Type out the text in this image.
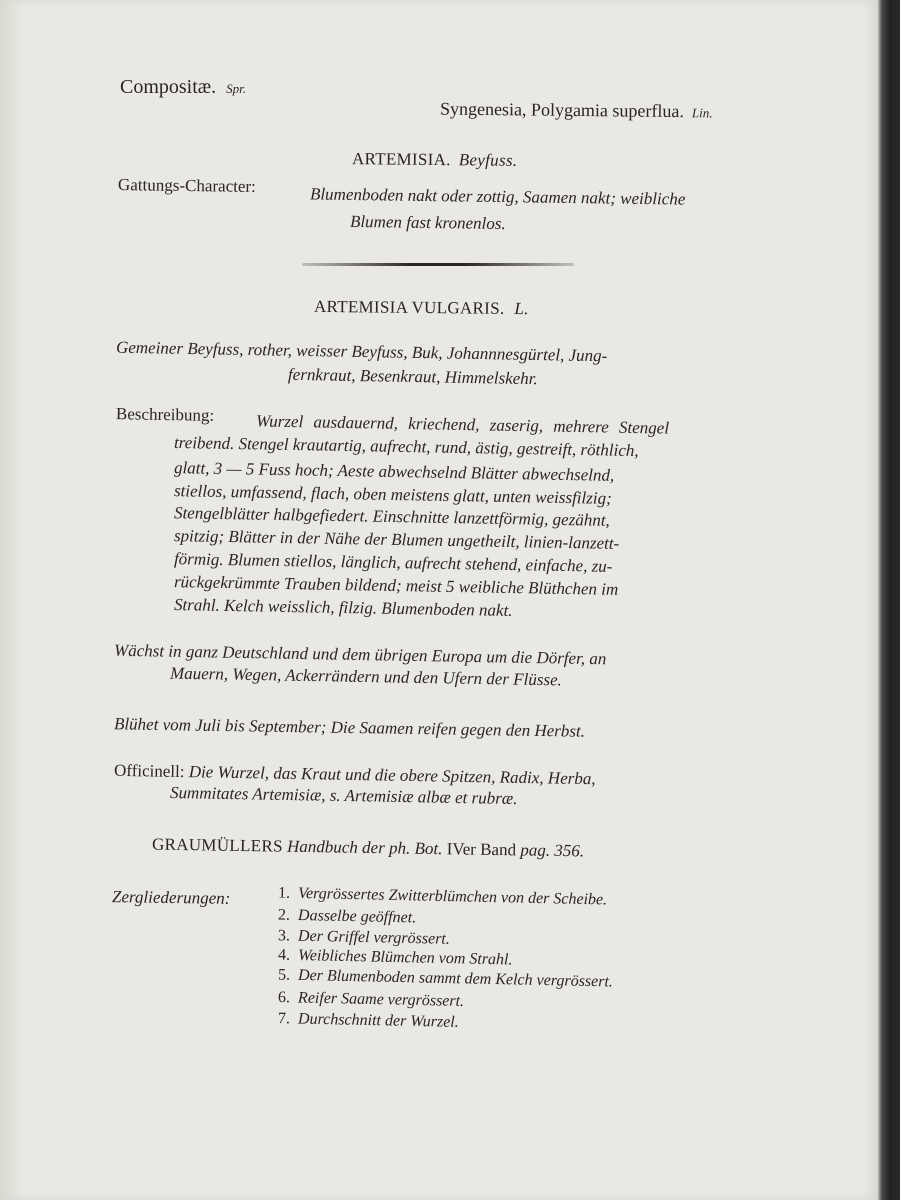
Compositæ. Spr.
Syngenesia, Polygamia superflua. Lin.
ARTEMISIA. Beyfuss.
Gattungs-Character:	Blumenboden nakt oder zottig, Saamen nakt; weibliche
Blumen fast kronenlos.
ARTEMISIA VULGARIS. L.
Gemeiner Beyfuss, rother, weisser Beyfuss, Buk, Johannnesgürtel, Jung-
fernkraut, Besenkraut, Himmelskehr.
Beschreibung: Wurzel ausdauernd, kriechend, zaserig, mehrere Stengel
treibend. Stengel krautartig, aufrecht, rund, ästig, gestreift, röthlich,
glatt, 3 — 5 Fuss hoch; Aeste abwechselnd Blätter abwechselnd,
stiellos, umfassend, flach, oben meistens glatt, unten weissfilzig;
Stengelblätter halbgefiedert. Einschnitte lanzettförmig, gezähnt,
spitzig; Blätter in der Nähe der Blumen ungetheilt, linien-lanzett-
förmig. Blumen stiellos, länglich, aufrecht stehend, einfache, zu-
rückgekrümmte Trauben bildend; meist 5 weibliche Blüthchen im
Strahl. Kelch weisslich, filzig. Blumenboden nakt.
Wächst in ganz Deutschland und dem übrigen Europa um die Dörfer, an
Mauern, Wegen, Ackerrändern und den Ufern der Flüsse.
Blühet vom Juli bis September; Die Saamen reifen gegen den Herbst.
Officinell: Die Wurzel, das Kraut und die obere Spitzen, Radix, Herba,
Summitates Artemisiæ, s. Artemisiæ albæ et rubræ.
GRAUMÜLLERS Handbuch der ph. Bot. IVer Band pag. 356.
Zergliederungen:	1. Vergrössertes Zwitterblümchen von der Scheibe.
2. Dasselbe geöffnet.
3. Der Griffel vergrössert.
4. Weibliches Blümchen vom Strahl.
5. Der Blumenboden sammt dem Kelch vergrössert.
6. Reifer Saame vergrössert.
7. Durchschnitt der Wurzel.
